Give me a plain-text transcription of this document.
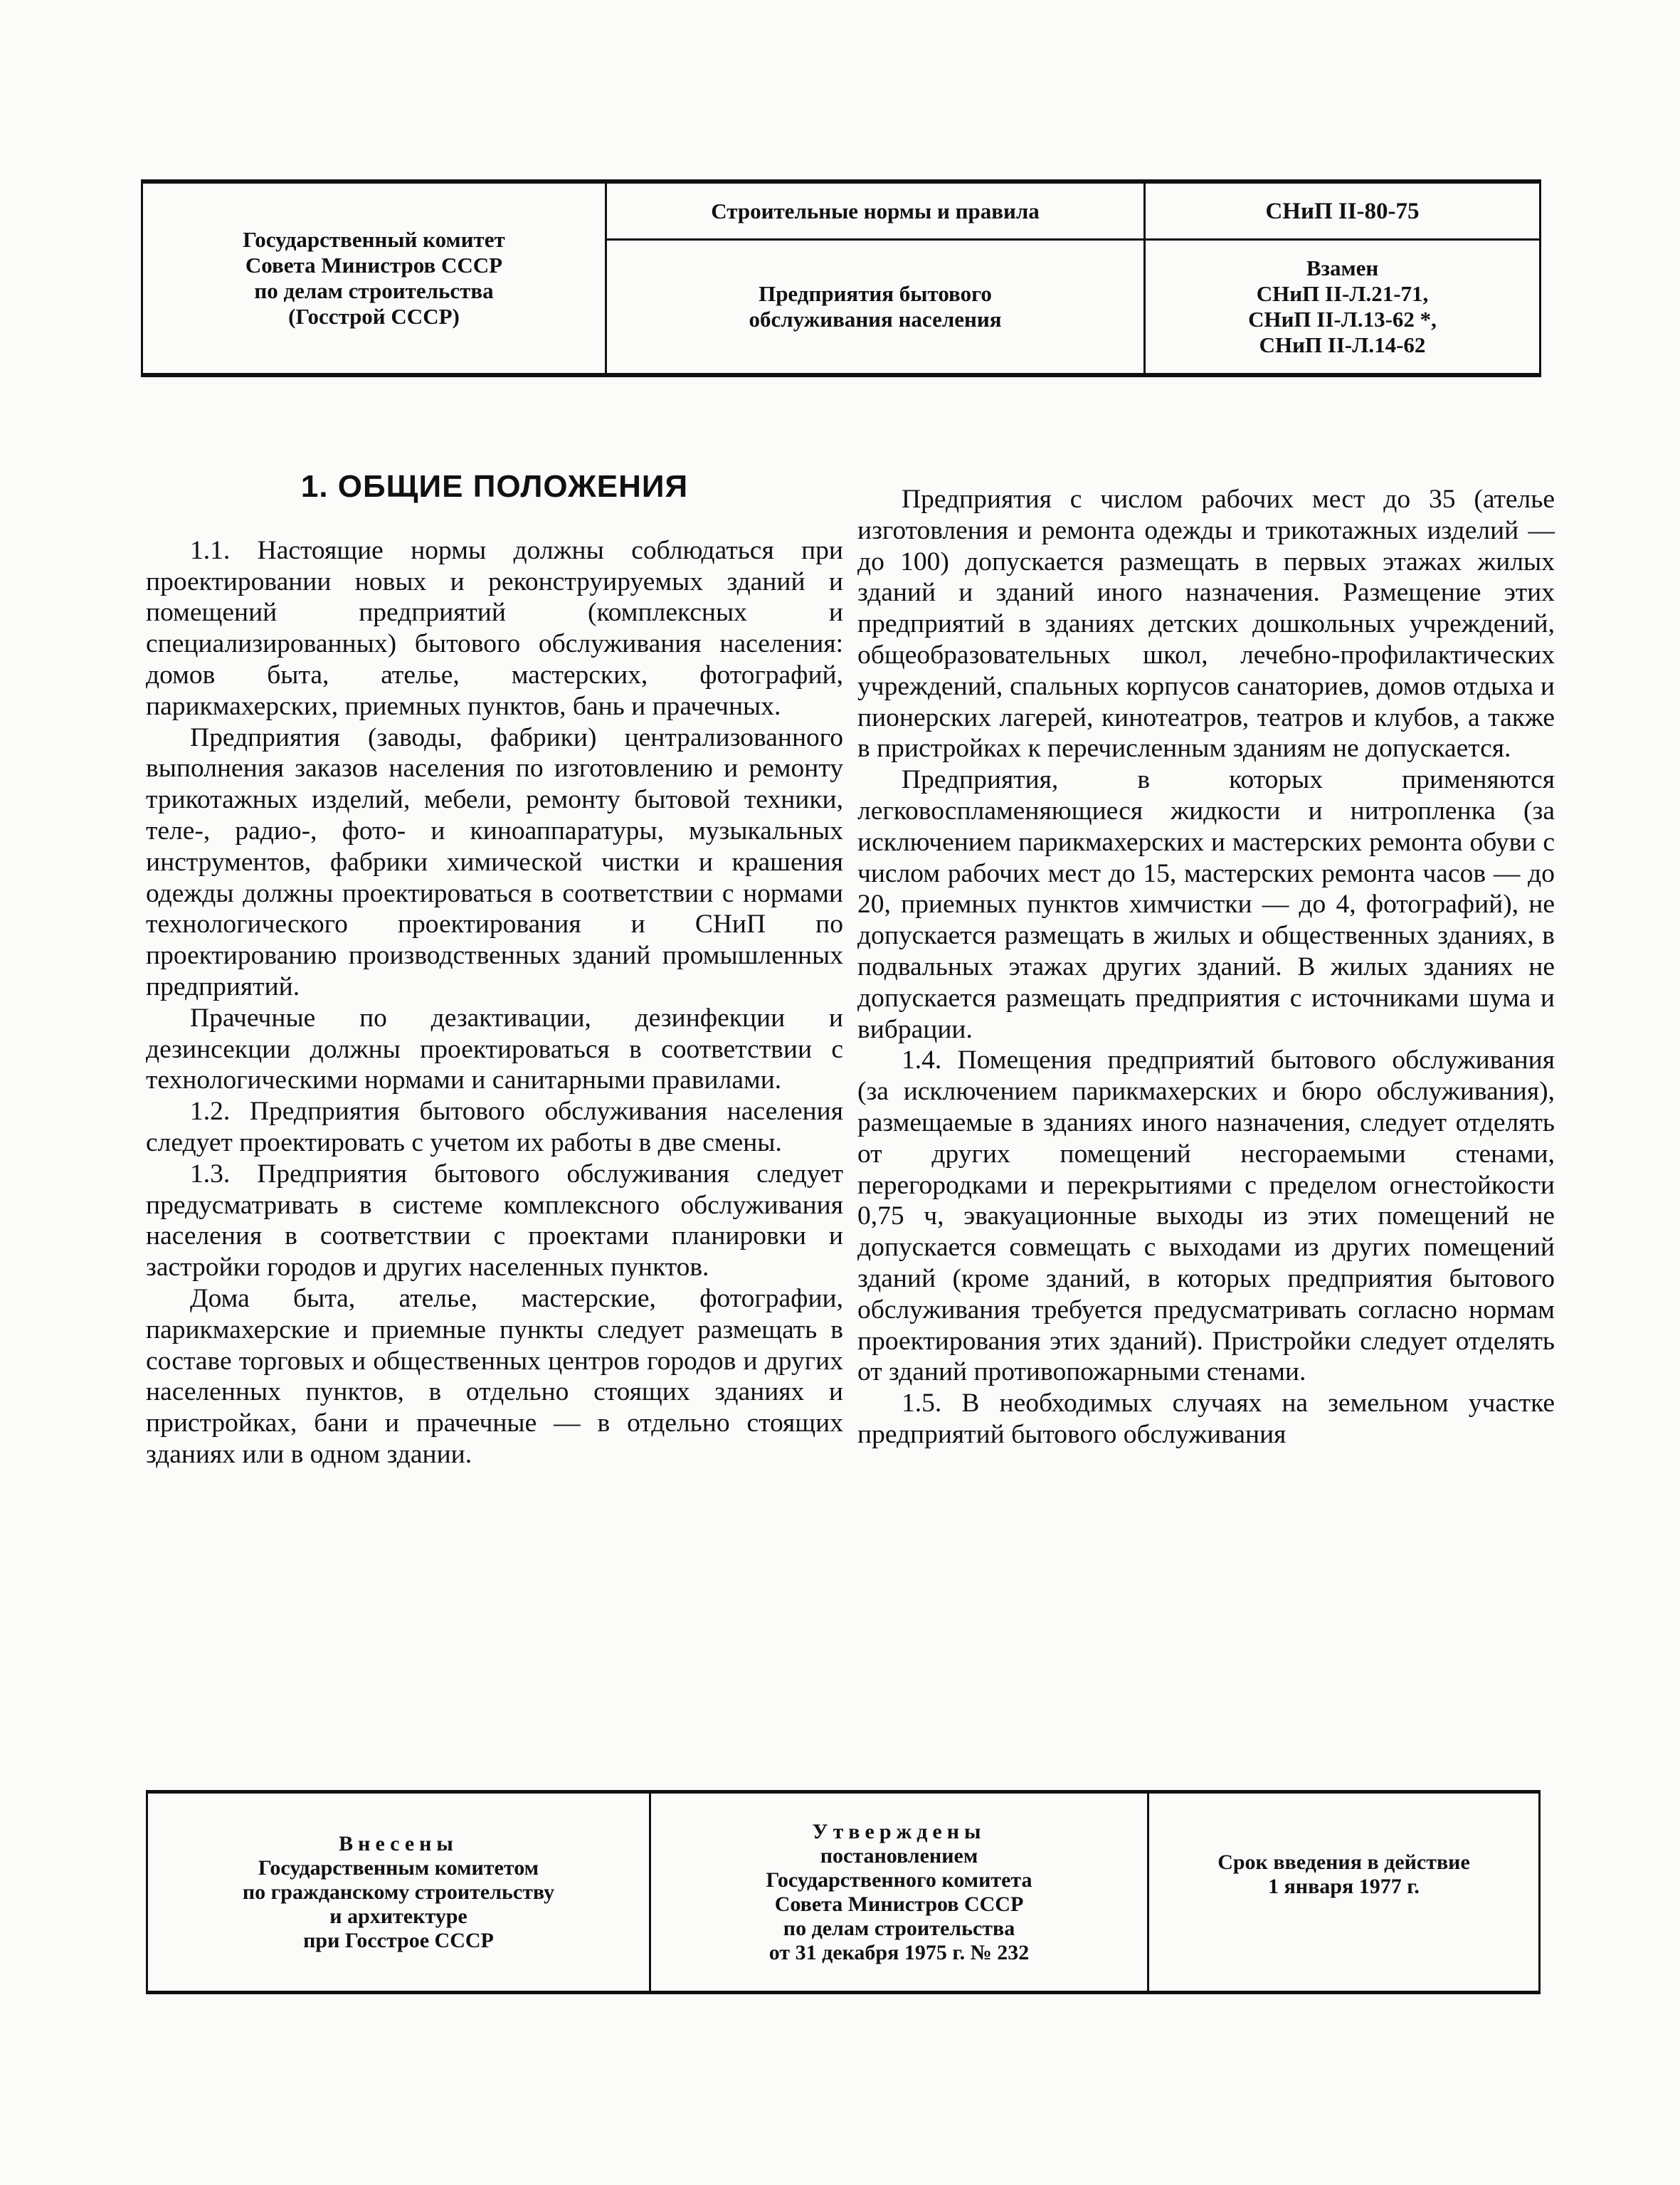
Государственный комитет
Совета Министров СССР
по делам строительства
(Госстрой СССР)
Строительные нормы и правила
Предприятия бытового
обслуживания населения
СНиП II-80-75
Взамен
СНиП II-Л.21-71,
СНиП II-Л.13-62 *,
СНиП II-Л.14-62

1. ОБЩИЕ ПОЛОЖЕНИЯ

1.1. Настоящие нормы должны соблюдаться при проектировании новых и реконструируемых зданий и помещений предприятий (комплексных и специализированных) бытового обслуживания населения: домов быта, ателье, мастерских, фотографий, парикмахерских, приемных пунктов, бань и прачечных.

Предприятия (заводы, фабрики) централизованного выполнения заказов населения по изготовлению и ремонту трикотажных изделий, мебели, ремонту бытовой техники, теле-, радио-, фото- и киноаппаратуры, музыкальных инструментов, фабрики химической чистки и крашения одежды должны проектироваться в соответствии с нормами технологического проектирования и СНиП по проектированию производственных зданий промышленных предприятий.

Прачечные по дезактивации, дезинфекции и дезинсекции должны проектироваться в соответствии с технологическими нормами и санитарными правилами.

1.2. Предприятия бытового обслуживания населения следует проектировать с учетом их работы в две смены.

1.3. Предприятия бытового обслуживания следует предусматривать в системе комплексного обслуживания населения в соответствии с проектами планировки и застройки городов и других населенных пунктов.

Дома быта, ателье, мастерские, фотографии, парикмахерские и приемные пункты следует размещать в составе торговых и общественных центров городов и других населенных пунктов, в отдельно стоящих зданиях и пристройках, бани и прачечные — в отдельно стоящих зданиях или в одном здании.

Предприятия с числом рабочих мест до 35 (ателье изготовления и ремонта одежды и трикотажных изделий — до 100) допускается размещать в первых этажах жилых зданий и зданий иного назначения. Размещение этих предприятий в зданиях детских дошкольных учреждений, общеобразовательных школ, лечебно-профилактических учреждений, спальных корпусов санаториев, домов отдыха и пионерских лагерей, кинотеатров, театров и клубов, а также в пристройках к перечисленным зданиям не допускается.

Предприятия, в которых применяются легковоспламеняющиеся жидкости и нитропленка (за исключением парикмахерских и мастерских ремонта обуви с числом рабочих мест до 15, мастерских ремонта часов — до 20, приемных пунктов химчистки — до 4, фотографий), не допускается размещать в жилых и общественных зданиях, в подвальных этажах других зданий. В жилых зданиях не допускается размещать предприятия с источниками шума и вибрации.

1.4. Помещения предприятий бытового обслуживания (за исключением парикмахерских и бюро обслуживания), размещаемые в зданиях иного назначения, следует отделять от других помещений несгораемыми стенами, перегородками и перекрытиями с пределом огнестойкости 0,75 ч, эвакуационные выходы из этих помещений не допускается совмещать с выходами из других помещений зданий (кроме зданий, в которых предприятия бытового обслуживания требуется предусматривать согласно нормам проектирования этих зданий). Пристройки следует отделять от зданий противопожарными стенами.

1.5. В необходимых случаях на земельном участке предприятий бытового обслуживания

Внесены
Государственным комитетом
по гражданскому строительству
и архитектуре
при Госстрое СССР
Утверждены
постановлением
Государственного комитета
Совета Министров СССР
по делам строительства
от 31 декабря 1975 г. № 232
Срок введения в действие
1 января 1977 г.
